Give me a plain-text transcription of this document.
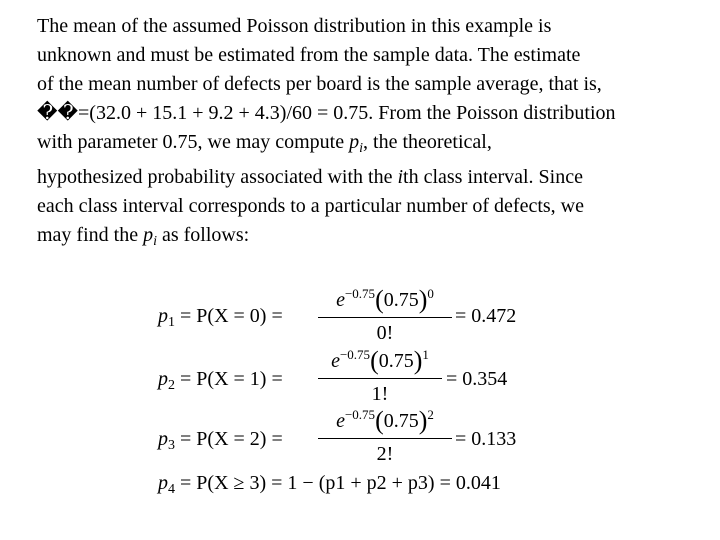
The mean of the assumed Poisson distribution in this example is
unknown and must be estimated from the sample data. The estimate
of the mean number of defects per board is the sample average, that is,
��=(32.0 + 15.1 + 9.2 + 4.3)/60 = 0.75. From the Poisson distribution
with parameter 0.75, we may compute $p_i$, the theoretical,
hypothesized probability associated with the ith class interval. Since
each class interval corresponds to a particular number of defects, we
may find the $p_i$ as follows:
$p_1 = P(X = 0) = \frac{e^{-0.75}(0.75)^0}{0!} = 0.472$
$p_2 = P(X = 1) = \frac{e^{-0.75}(0.75)^1}{1!} = 0.354$
$p_3 = P(X = 2) = \frac{e^{-0.75}(0.75)^2}{2!} = 0.133$
$p_4 = P(X \ge 3) = 1 - (p1 + p2 + p3) = 0.041$
